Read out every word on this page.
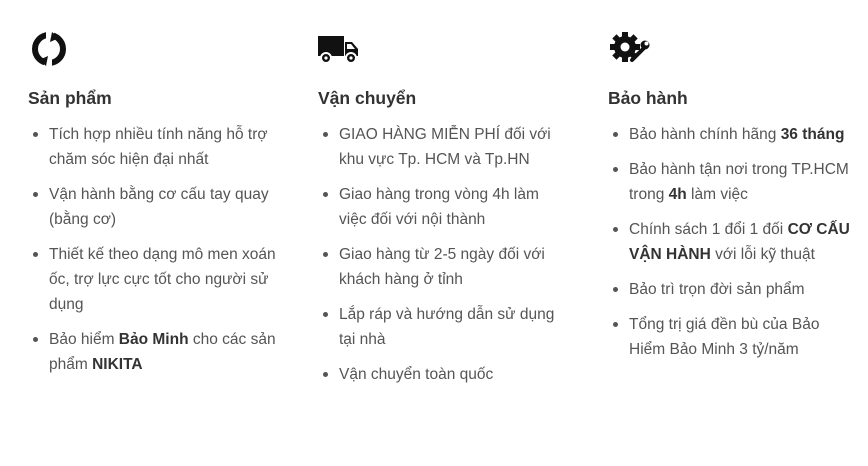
Sản phẩm
Tích hợp nhiều tính năng hỗ trợ chăm sóc hiện đại nhất
Vận hành bằng cơ cấu tay quay (bằng cơ)
Thiết kế theo dạng mô men xoán ốc, trợ lực cực tốt cho người sử dụng
Bảo hiểm Bảo Minh cho các sản phẩm NIKITA
Vận chuyển
GIAO HÀNG MIỄN PHÍ đối với khu vực Tp. HCM và Tp.HN
Giao hàng trong vòng 4h làm việc đối với nội thành
Giao hàng từ 2-5 ngày đối với khách hàng ở tỉnh
Lắp ráp và hướng dẫn sử dụng tại nhà
Vận chuyển toàn quốc
Bảo hành
Bảo hành chính hãng 36 tháng
Bảo hành tận nơi trong TP.HCM trong 4h làm việc
Chính sách 1 đổi 1 đối CƠ CẤU VẬN HÀNH với lỗi kỹ thuật
Bảo trì trọn đời sản phẩm
Tổng trị giá đền bù của Bảo Hiểm Bảo Minh 3 tỷ/năm
